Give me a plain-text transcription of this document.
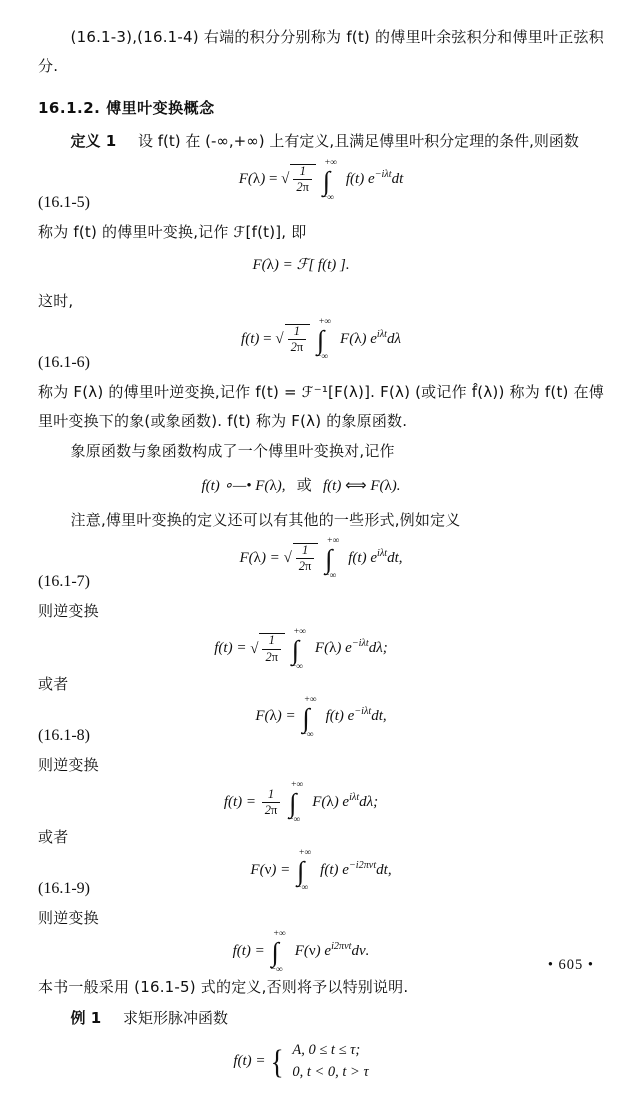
(16.1-3),(16.1-4) 右端的积分分别称为 f(t) 的傅里叶余弦积分和傅里叶正弦积分.

16.1.2. 傅里叶变换概念

定义 1 设 f(t) 在 (-∞,+∞) 上有定义,且满足傅里叶积分定理的条件,则函数

F(λ) = √ $\frac{1}{2\pi}$ ∫
+∞
−∞
f(t) $e^{-i\lambda t}dt$
(16.1-5)

称为 f(t) 的傅里叶变换,记作 ℱ[f(t)], 即

F(λ) = ℱ[ f(t) ].

这时,

f(t) = √ $\frac{1}{2\pi}$ ∫
+∞
−∞
F(λ) $e^{i\lambda t}d\lambda$
(16.1-6)

称为 F(λ) 的傅里叶逆变换,记作 f(t) = ℱ⁻¹[F(λ)]. F(λ) (或记作 f̂(λ)) 称为 f(t) 在傅里叶变换下的象(或象函数). f(t) 称为 F(λ) 的象原函数.

象原函数与象函数构成了一个傅里叶变换对,记作

f(t) ∘—• F(λ),   或   f(t) ⟺ F(λ).

注意,傅里叶变换的定义还可以有其他的一些形式,例如定义

F(λ) = √ $\frac{1}{2\pi}$ ∫
+∞
−∞
f(t) $e^{i\lambda t}dt$,
(16.1-7)

则逆变换

f(t) = √ $\frac{1}{2\pi}$ ∫
+∞
−∞
F(λ) $e^{-i\lambda t}d\lambda$;

或者

F(λ) = ∫
+∞
−∞
f(t) $e^{-i\lambda t}dt$,
(16.1-8)

则逆变换

$f(t) = \frac{1}{2\pi}$ ∫
+∞
−∞
F(λ) $e^{i\lambda t}d\lambda$;

或者

F(ν) = ∫
+∞
−∞
f(t) $e^{-i2\pi\nu t}dt$,
(16.1-9)

则逆变换

f(t) = ∫
+∞
−∞
F(ν) $e^{i2\pi\nu t}d\nu$.

本书一般采用 (16.1-5) 式的定义,否则将予以特别说明.

例 1 求矩形脉冲函数

f(t) = { A, 0 ≤ t ≤ τ;
0, t < 0, t > τ
• 605 •
